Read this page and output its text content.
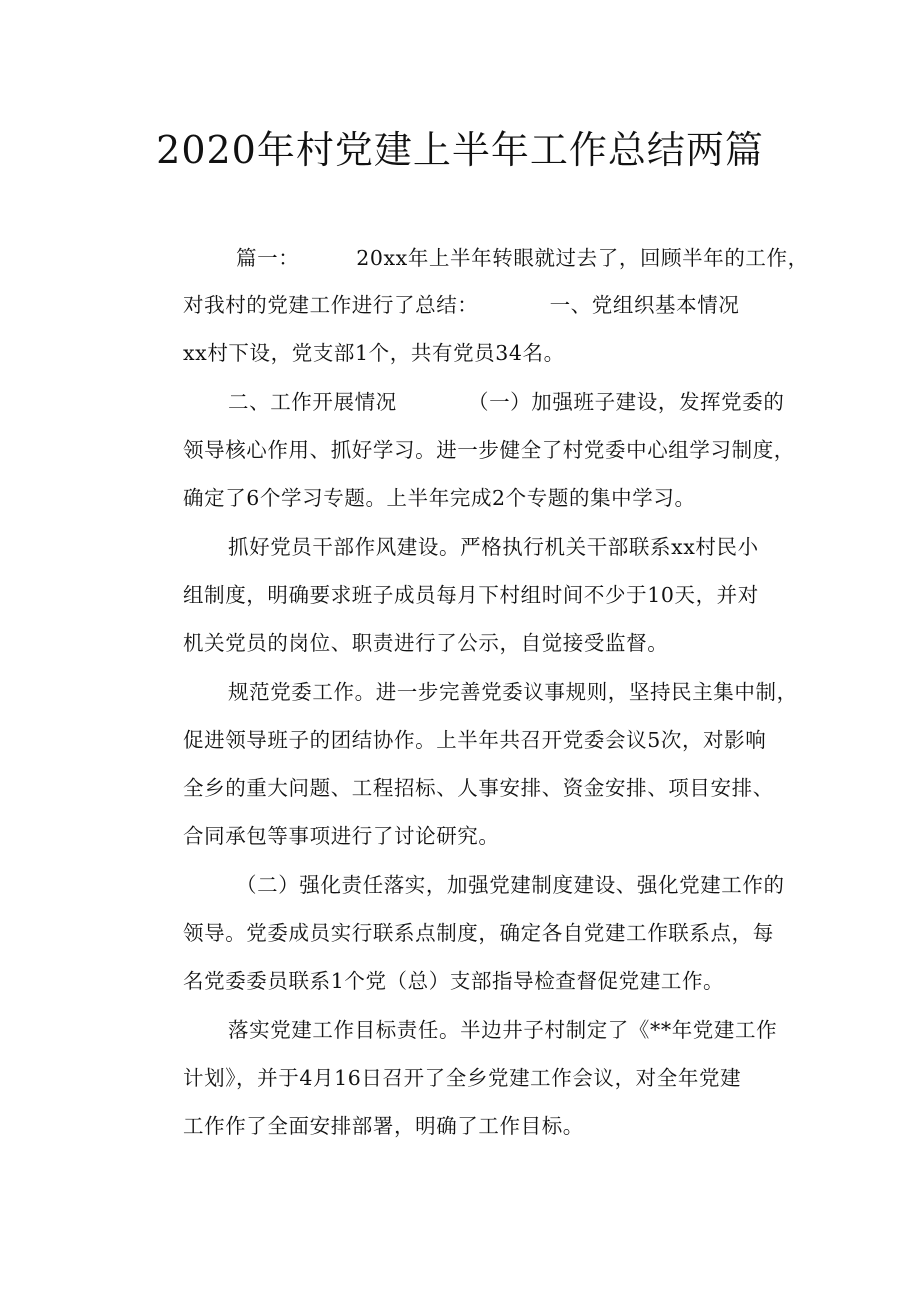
2020年村党建上半年工作总结两篇
篇一：        20xx年上半年转眼就过去了，回顾半年的工作，
对我村的党建工作进行了总结：          一、党组织基本情况
xx村下设，党支部1个，共有党员34名。
二、工作开展情况          （一）加强班子建设，发挥党委的
领导核心作用、抓好学习。进一步健全了村党委中心组学习制度，
确定了6个学习专题。上半年完成2个专题的集中学习。
抓好党员干部作风建设。严格执行机关干部联系xx村民小
组制度，明确要求班子成员每月下村组时间不少于10天，并对
机关党员的岗位、职责进行了公示，自觉接受监督。
规范党委工作。进一步完善党委议事规则，坚持民主集中制，
促进领导班子的团结协作。上半年共召开党委会议5次，对影响
全乡的重大问题、工程招标、人事安排、资金安排、项目安排、
合同承包等事项进行了讨论研究。
（二）强化责任落实，加强党建制度建设、强化党建工作的
领导。党委成员实行联系点制度，确定各自党建工作联系点，每
名党委委员联系1个党（总）支部指导检查督促党建工作。
落实党建工作目标责任。半边井子村制定了《**年党建工作
计划》，并于4月16日召开了全乡党建工作会议，对全年党建
工作作了全面安排部署，明确了工作目标。
